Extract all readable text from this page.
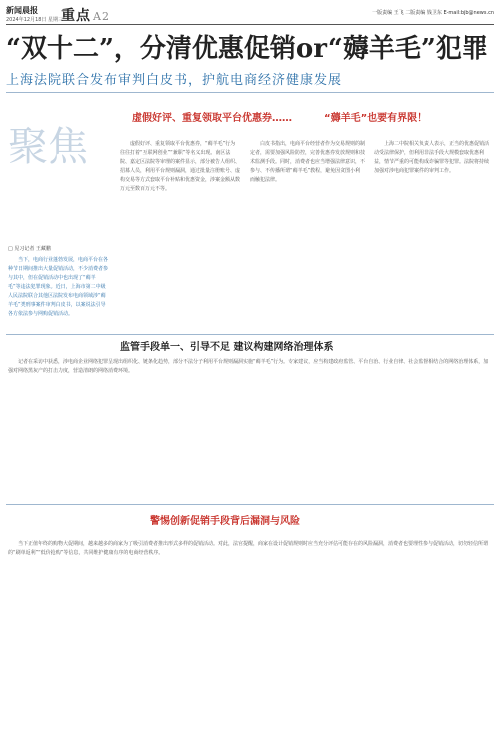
新闻晨报
2024年12月18日 星期三
重点 A2	一版责编 王飞 二版责编 钱卫东 E-mail:bjb@news.cn
“双十二”，分清优惠促销or“薅羊毛”犯罪
上海法院联合发布审判白皮书，护航电商经济健康发展
聚焦
□ 见习记者 王藏鹏
当下，电商行业蓬勃发展，电商平台在各种节日期间推出大量促销活动，不少消费者参与其中，但在促销活动中也出现了“薅羊毛”等违法犯罪现象。近日，上海市第二中级人民法院联合其他区法院发布电商领域涉“薅羊毛”类刑事案件审判白皮书，以案说法引导各方依法参与网购促销活动。
虚假好评、重复领取平台优惠券……	“薅羊毛”也要有界限！
虚假好评、重复领取平台优惠券，“薅羊毛”行为往往打着“互联网创业”“兼职”等名义出现。南区法院、嘉定区法院等审理的案件显示，部分被告人组织、招募人员，利用平台规则漏洞，通过批量注册账号、虚构交易等方式套取平台补贴和优惠资金，涉案金额从数万元至数百万元不等。
白皮书指出，电商平台经营者作为交易规则的制定者，需要加强风险防控，完善优惠券发放规则和技术监测手段。同时，消费者也应当增强法律意识，不参与、不传播所谓“薅羊毛”教程，避免因贪图小利而触犯法律。
上海二中院相关负责人表示，正当的优惠促销活动受法律保护，但利用非法手段大规模套取优惠利益，情节严重的可能构成诈骗罪等犯罪。法院将持续加强对涉电商犯罪案件的审判工作。
监管手段单一、引导不足 建议构建网络治理体系
记者在采访中获悉，涉电商企业网络犯罪呈现出组织化、链条化趋势，部分不法分子利用平台规则漏洞实施“薅羊毛”行为。专家建议，应当构建政府监管、平台自治、行业自律、社会监督相结合的网络治理体系，加强对网络黑灰产的打击力度，营造清朗的网络消费环境。
警惕创新促销手段背后漏洞与风险
当下正值年终的购物大促期间，越来越多的商家为了吸引消费者推出形式多样的促销活动。对此，法官提醒，商家在设计促销规则时应当充分评估可能存在的风险漏洞，消费者也要理性参与促销活动，切勿轻信所谓的“刷单返利”“低价抢购”等信息，共同维护健康有序的电商经营秩序。
